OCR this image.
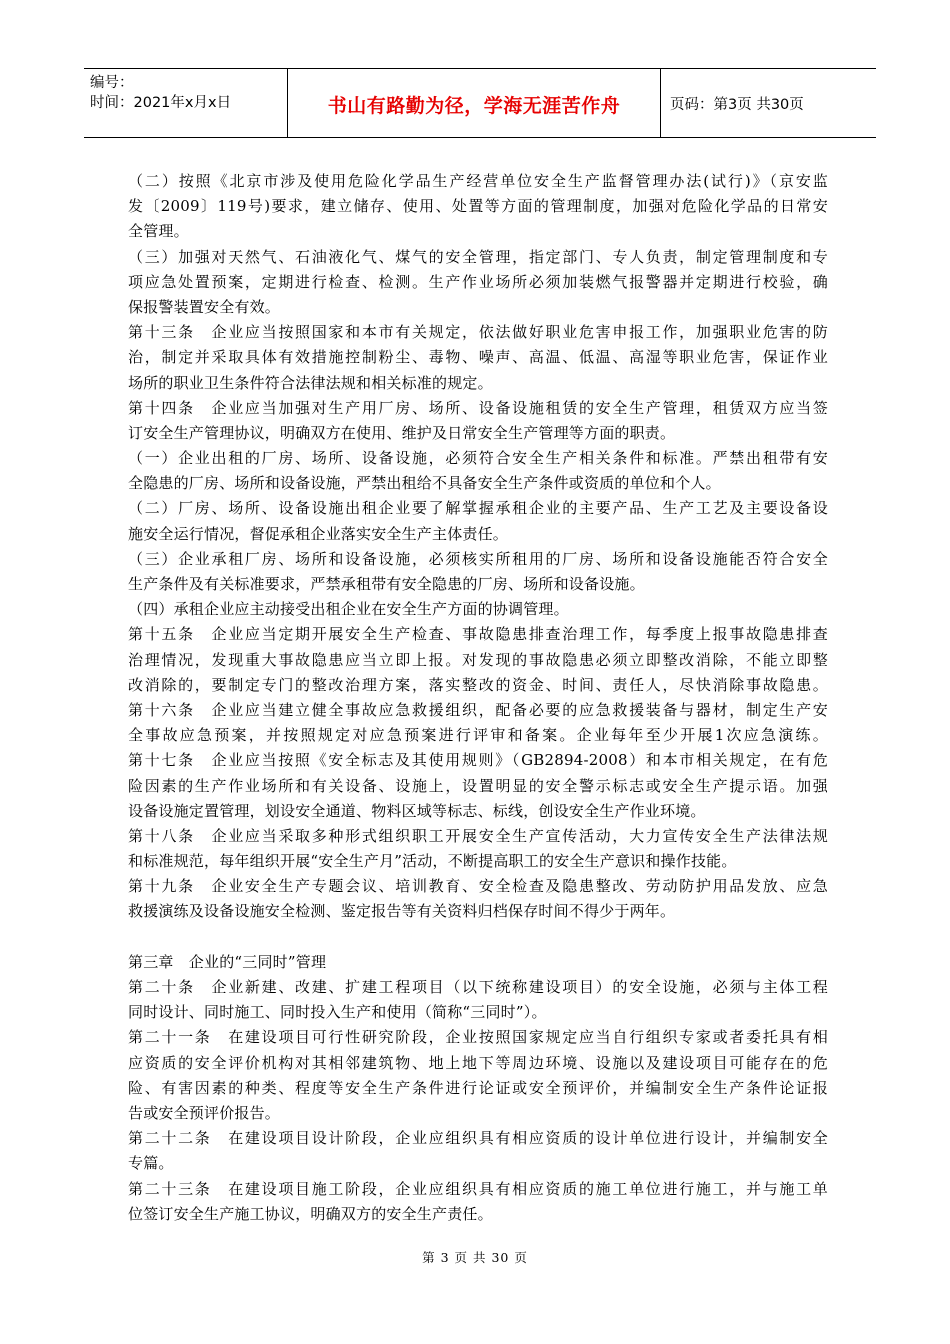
编号：
时间：2021年x月x日	书山有路勤为径，学海无涯苦作舟	页码：第3页 共30页
（二）按照《北京市涉及使用危险化学品生产经营单位安全生产监督管理办法(试行)》（京安监
发〔2009〕119号)要求，建立储存、使用、处置等方面的管理制度，加强对危险化学品的日常安
全管理。
（三）加强对天然气、石油液化气、煤气的安全管理，指定部门、专人负责，制定管理制度和专
项应急处置预案，定期进行检查、检测。生产作业场所必须加装燃气报警器并定期进行校验，确
保报警装置安全有效。
第十三条　企业应当按照国家和本市有关规定，依法做好职业危害申报工作，加强职业危害的防
治，制定并采取具体有效措施控制粉尘、毒物、噪声、高温、低温、高湿等职业危害，保证作业
场所的职业卫生条件符合法律法规和相关标准的规定。
第十四条　企业应当加强对生产用厂房、场所、设备设施租赁的安全生产管理，租赁双方应当签
订安全生产管理协议，明确双方在使用、维护及日常安全生产管理等方面的职责。
（一）企业出租的厂房、场所、设备设施，必须符合安全生产相关条件和标准。严禁出租带有安
全隐患的厂房、场所和设备设施，严禁出租给不具备安全生产条件或资质的单位和个人。
（二）厂房、场所、设备设施出租企业要了解掌握承租企业的主要产品、生产工艺及主要设备设
施安全运行情况，督促承租企业落实安全生产主体责任。
（三）企业承租厂房、场所和设备设施，必须核实所租用的厂房、场所和设备设施能否符合安全
生产条件及有关标准要求，严禁承租带有安全隐患的厂房、场所和设备设施。
（四）承租企业应主动接受出租企业在安全生产方面的协调管理。
第十五条　企业应当定期开展安全生产检查、事故隐患排查治理工作，每季度上报事故隐患排查
治理情况，发现重大事故隐患应当立即上报。对发现的事故隐患必须立即整改消除，不能立即整
改消除的，要制定专门的整改治理方案，落实整改的资金、时间、责任人，尽快消除事故隐患。
第十六条　企业应当建立健全事故应急救援组织，配备必要的应急救援装备与器材，制定生产安
全事故应急预案，并按照规定对应急预案进行评审和备案。企业每年至少开展1次应急演练。
第十七条　企业应当按照《安全标志及其使用规则》（GB2894-2008）和本市相关规定，在有危
险因素的生产作业场所和有关设备、设施上，设置明显的安全警示标志或安全生产提示语。加强
设备设施定置管理，划设安全通道、物料区域等标志、标线，创设安全生产作业环境。
第十八条　企业应当采取多种形式组织职工开展安全生产宣传活动，大力宣传安全生产法律法规
和标准规范，每年组织开展“安全生产月”活动，不断提高职工的安全生产意识和操作技能。
第十九条　企业安全生产专题会议、培训教育、安全检查及隐患整改、劳动防护用品发放、应急
救援演练及设备设施安全检测、鉴定报告等有关资料归档保存时间不得少于两年。
第三章　企业的“三同时”管理
第二十条　企业新建、改建、扩建工程项目（以下统称建设项目）的安全设施，必须与主体工程
同时设计、同时施工、同时投入生产和使用（简称“三同时”）。
第二十一条　在建设项目可行性研究阶段，企业按照国家规定应当自行组织专家或者委托具有相
应资质的安全评价机构对其相邻建筑物、地上地下等周边环境、设施以及建设项目可能存在的危
险、有害因素的种类、程度等安全生产条件进行论证或安全预评价，并编制安全生产条件论证报
告或安全预评价报告。
第二十二条　在建设项目设计阶段，企业应组织具有相应资质的设计单位进行设计，并编制安全
专篇。
第二十三条　在建设项目施工阶段，企业应组织具有相应资质的施工单位进行施工，并与施工单
位签订安全生产施工协议，明确双方的安全生产责任。
第 3 页 共 30 页
